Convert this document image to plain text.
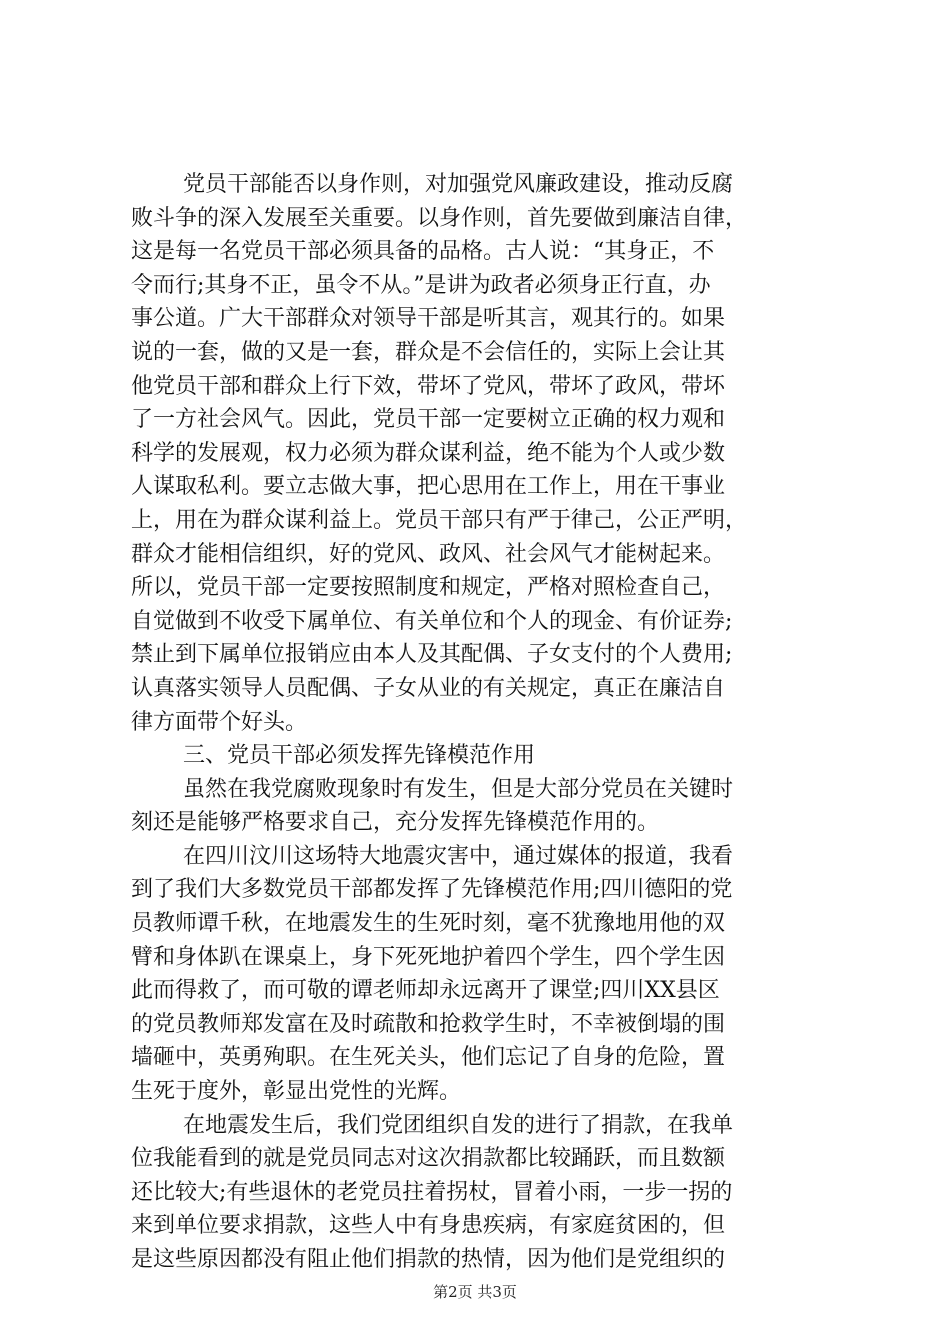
党员干部能否以身作则，对加强党风廉政建设，推动反腐
败斗争的深入发展至关重要。以身作则，首先要做到廉洁自律，
这是每一名党员干部必须具备的品格。古人说：“其身正，不
令而行;其身不正，虽令不从。”是讲为政者必须身正行直，办
事公道。广大干部群众对领导干部是听其言，观其行的。如果
说的一套，做的又是一套，群众是不会信任的，实际上会让其
他党员干部和群众上行下效，带坏了党风，带坏了政风，带坏
了一方社会风气。因此，党员干部一定要树立正确的权力观和
科学的发展观，权力必须为群众谋利益，绝不能为个人或少数
人谋取私利。要立志做大事，把心思用在工作上，用在干事业
上，用在为群众谋利益上。党员干部只有严于律己，公正严明，
群众才能相信组织，好的党风、政风、社会风气才能树起来。
所以，党员干部一定要按照制度和规定，严格对照检查自己，
自觉做到不收受下属单位、有关单位和个人的现金、有价证券;
禁止到下属单位报销应由本人及其配偶、子女支付的个人费用;
认真落实领导人员配偶、子女从业的有关规定，真正在廉洁自
律方面带个好头。
三、党员干部必须发挥先锋模范作用
虽然在我党腐败现象时有发生，但是大部分党员在关键时
刻还是能够严格要求自己，充分发挥先锋模范作用的。
在四川汶川这场特大地震灾害中，通过媒体的报道，我看
到了我们大多数党员干部都发挥了先锋模范作用;四川德阳的党
员教师谭千秋，在地震发生的生死时刻，毫不犹豫地用他的双
臂和身体趴在课桌上，身下死死地护着四个学生，四个学生因
此而得救了，而可敬的谭老师却永远离开了课堂;四川XX县区
的党员教师郑发富在及时疏散和抢救学生时，不幸被倒塌的围
墙砸中，英勇殉职。在生死关头，他们忘记了自身的危险，置
生死于度外，彰显出党性的光辉。
在地震发生后，我们党团组织自发的进行了捐款，在我单
位我能看到的就是党员同志对这次捐款都比较踊跃，而且数额
还比较大;有些退休的老党员拄着拐杖，冒着小雨，一步一拐的
来到单位要求捐款，这些人中有身患疾病，有家庭贫困的，但
是这些原因都没有阻止他们捐款的热情，因为他们是党组织的
第2页 共3页
